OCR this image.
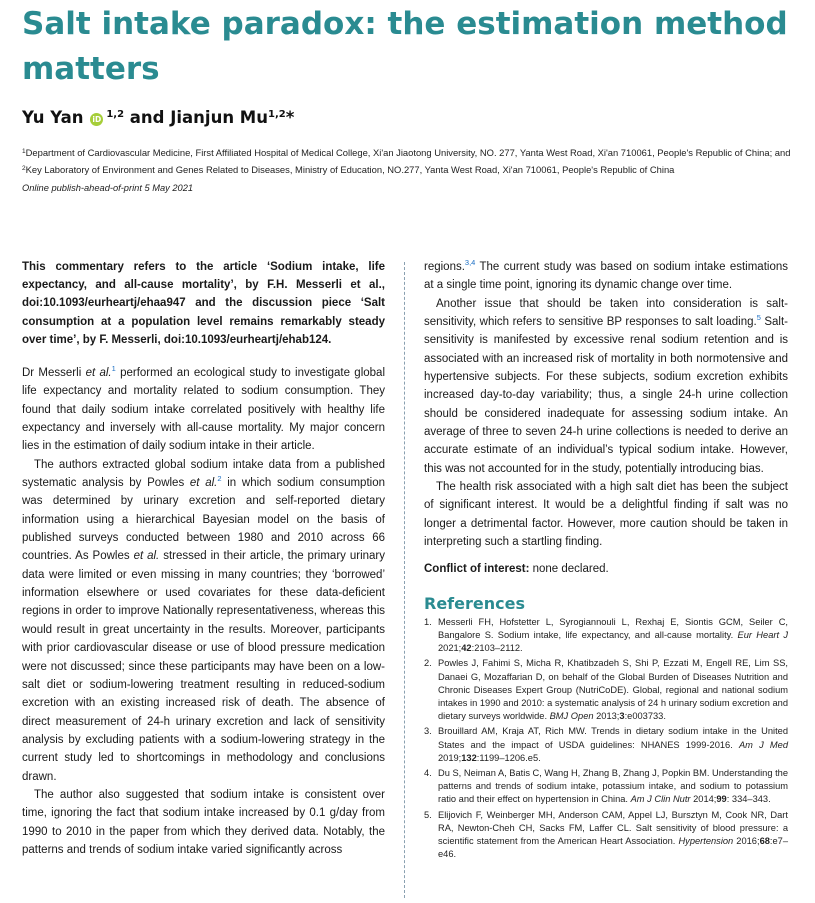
Salt intake paradox: the estimation method matters
Yu Yan iD $^{1,2}$ and Jianjun Mu$^{1,2}$*
$^1$Department of Cardiovascular Medicine, First Affiliated Hospital of Medical College, Xi'an Jiaotong University, NO. 277, Yanta West Road, Xi'an 710061, People's Republic of China; and $^2$Key Laboratory of Environment and Genes Related to Diseases, Ministry of Education, NO.277, Yanta West Road, Xi'an 710061, People's Republic of China
Online publish-ahead-of-print 5 May 2021

This commentary refers to the article ‘Sodium intake, life expectancy, and all-cause mortality’, by F.H. Messerli et al., doi:10.1093/eurheartj/ehaa947 and the discussion piece ‘Salt consumption at a population level remains remarkably steady over time’, by F. Messerli, doi:10.1093/eurheartj/ehab124.

Dr Messerli et al.$^1$ performed an ecological study to investigate global life expectancy and mortality related to sodium consumption. They found that daily sodium intake correlated positively with healthy life expectancy and inversely with all-cause mortality. My major concern lies in the estimation of daily sodium intake in their article.

The authors extracted global sodium intake data from a published systematic analysis by Powles et al.$^2$ in which sodium consumption was determined by urinary excretion and self-reported dietary information using a hierarchical Bayesian model on the basis of published surveys conducted between 1980 and 2010 across 66 countries. As Powles et al. stressed in their article, the primary urinary data were limited or even missing in many countries; they ‘borrowed’ information elsewhere or used covariates for these data-deficient regions in order to improve Nationally representativeness, whereas this would result in great uncertainty in the results. Moreover, participants with prior cardiovascular disease or use of blood pressure medication were not discussed; since these participants may have been on a low-salt diet or sodium-lowering treatment resulting in reduced-sodium excretion with an existing increased risk of death. The absence of direct measurement of 24-h urinary excretion and lack of sensitivity analysis by excluding patients with a sodium-lowering strategy in the current study led to shortcomings in methodology and conclusions drawn.

The author also suggested that sodium intake is consistent over time, ignoring the fact that sodium intake increased by 0.1 g/day from 1990 to 2010 in the paper from which they derived data. Notably, the patterns and trends of sodium intake varied significantly across

regions.$^{3,4}$ The current study was based on sodium intake estimations at a single time point, ignoring its dynamic change over time.

Another issue that should be taken into consideration is salt-sensitivity, which refers to sensitive BP responses to salt loading.$^5$ Salt-sensitivity is manifested by excessive renal sodium retention and is associated with an increased risk of mortality in both normotensive and hypertensive subjects. For these subjects, sodium excretion exhibits increased day-to-day variability; thus, a single 24-h urine collection should be considered inadequate for assessing sodium intake. An average of three to seven 24-h urine collections is needed to derive an accurate estimate of an individual’s typical sodium intake. However, this was not accounted for in the study, potentially introducing bias.

The health risk associated with a high salt diet has been the subject of significant interest. It would be a delightful finding if salt was no longer a detrimental factor. However, more caution should be taken in interpreting such a startling finding.

Conflict of interest: none declared.

References
1. Messerli FH, Hofstetter L, Syrogiannouli L, Rexhaj E, Siontis GCM, Seiler C, Bangalore S. Sodium intake, life expectancy, and all-cause mortality. Eur Heart J 2021;42:2103–2112.
2. Powles J, Fahimi S, Micha R, Khatibzadeh S, Shi P, Ezzati M, Engell RE, Lim SS, Danaei G, Mozaffarian D, on behalf of the Global Burden of Diseases Nutrition and Chronic Diseases Expert Group (NutriCoDE). Global, regional and national sodium intakes in 1990 and 2010: a systematic analysis of 24 h urinary sodium excretion and dietary surveys worldwide. BMJ Open 2013;3:e003733.
3. Brouillard AM, Kraja AT, Rich MW. Trends in dietary sodium intake in the United States and the impact of USDA guidelines: NHANES 1999-2016. Am J Med 2019;132:1199–1206.e5.
4. Du S, Neiman A, Batis C, Wang H, Zhang B, Zhang J, Popkin BM. Understanding the patterns and trends of sodium intake, potassium intake, and sodium to potassium ratio and their effect on hypertension in China. Am J Clin Nutr 2014;99: 334–343.
5. Elijovich F, Weinberger MH, Anderson CAM, Appel LJ, Bursztyn M, Cook NR, Dart RA, Newton-Cheh CH, Sacks FM, Laffer CL. Salt sensitivity of blood pressure: a scientific statement from the American Heart Association. Hypertension 2016;68:e7–e46.
